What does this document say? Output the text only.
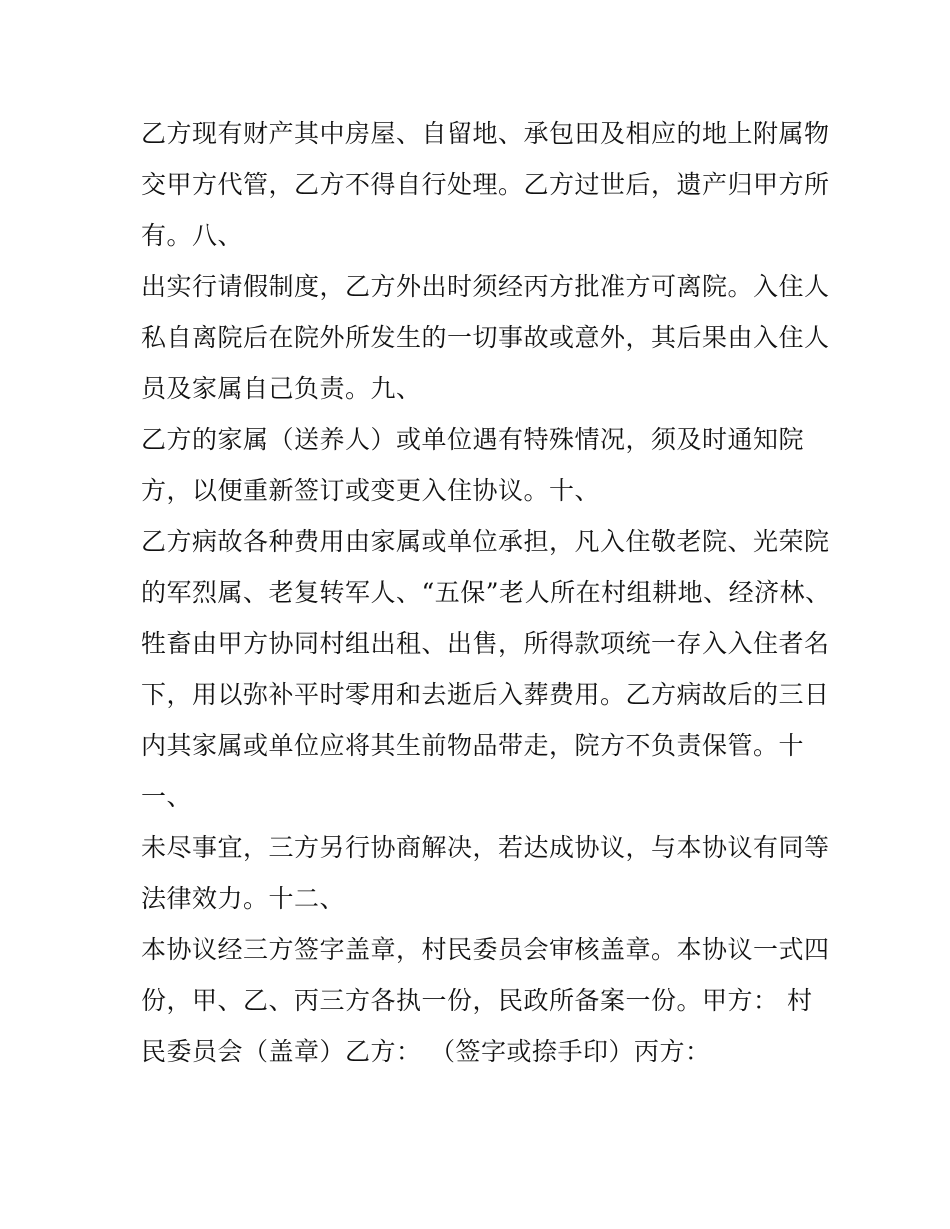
乙方现有财产其中房屋、自留地、承包田及相应的地上附属物
交甲方代管，乙方不得自行处理。乙方过世后，遗产归甲方所
有。八、
出实行请假制度，乙方外出时须经丙方批准方可离院。入住人
私自离院后在院外所发生的一切事故或意外，其后果由入住人
员及家属自己负责。九、
乙方的家属（送养人）或单位遇有特殊情况，须及时通知院
方，以便重新签订或变更入住协议。十、
乙方病故各种费用由家属或单位承担，凡入住敬老院、光荣院
的军烈属、老复转军人、“五保”老人所在村组耕地、经济林、
牲畜由甲方协同村组出租、出售，所得款项统一存入入住者名
下，用以弥补平时零用和去逝后入葬费用。乙方病故后的三日
内其家属或单位应将其生前物品带走，院方不负责保管。十
一、
未尽事宜，三方另行协商解决，若达成协议，与本协议有同等
法律效力。十二、
本协议经三方签字盖章，村民委员会审核盖章。本协议一式四
份，甲、乙、丙三方各执一份，民政所备案一份。甲方： 村
民委员会（盖章）乙方： （签字或捺手印）丙方：
